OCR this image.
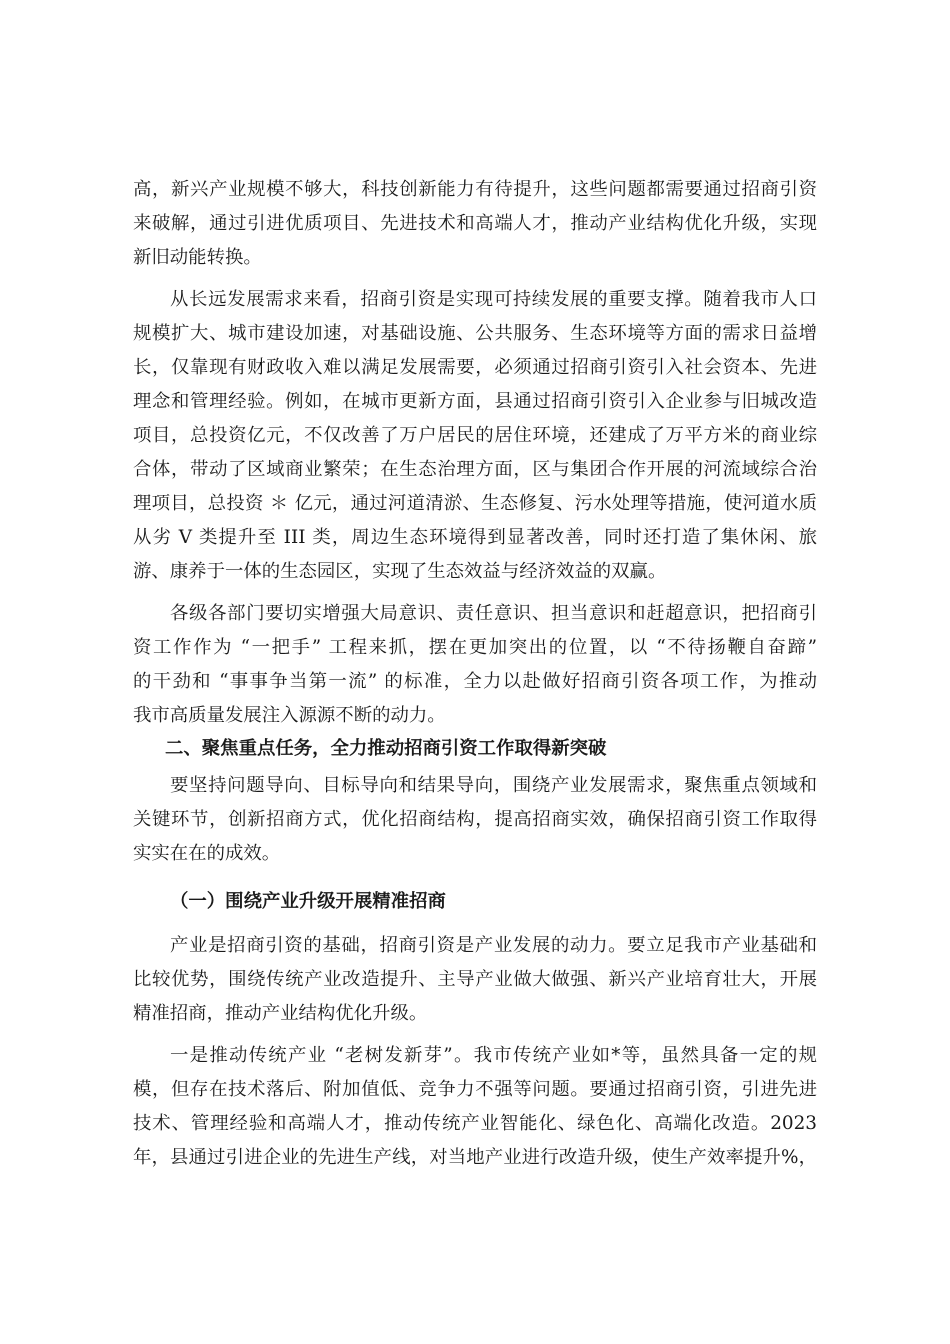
高，新兴产业规模不够大，科技创新能力有待提升，这些问题都需要通过招商引资
来破解，通过引进优质项目、先进技术和高端人才，推动产业结构优化升级，实现
新旧动能转换。
从长远发展需求来看，招商引资是实现可持续发展的重要支撑。随着我市人口
规模扩大、城市建设加速，对基础设施、公共服务、生态环境等方面的需求日益增
长，仅靠现有财政收入难以满足发展需要，必须通过招商引资引入社会资本、先进
理念和管理经验。例如，在城市更新方面，县通过招商引资引入企业参与旧城改造
项目，总投资亿元，不仅改善了万户居民的居住环境，还建成了万平方米的商业综
合体，带动了区域商业繁荣；在生态治理方面，区与集团合作开展的河流域综合治
理项目，总投资 ＊ 亿元，通过河道清淤、生态修复、污水处理等措施，使河道水质
从劣 V 类提升至 III 类，周边生态环境得到显著改善，同时还打造了集休闲、旅
游、康养于一体的生态园区，实现了生态效益与经济效益的双赢。
各级各部门要切实增强大局意识、责任意识、担当意识和赶超意识，把招商引
资工作作为 “一把手” 工程来抓，摆在更加突出的位置，以 “不待扬鞭自奋蹄”
的干劲和 “事事争当第一流” 的标准，全力以赴做好招商引资各项工作，为推动
我市高质量发展注入源源不断的动力。
二、聚焦重点任务，全力推动招商引资工作取得新突破
要坚持问题导向、目标导向和结果导向，围绕产业发展需求，聚焦重点领域和
关键环节，创新招商方式，优化招商结构，提高招商实效，确保招商引资工作取得
实实在在的成效。
（一）围绕产业升级开展精准招商
产业是招商引资的基础，招商引资是产业发展的动力。要立足我市产业基础和
比较优势，围绕传统产业改造提升、主导产业做大做强、新兴产业培育壮大，开展
精准招商，推动产业结构优化升级。
一是推动传统产业 “老树发新芽”。我市传统产业如*等，虽然具备一定的规
模，但存在技术落后、附加值低、竞争力不强等问题。要通过招商引资，引进先进
技术、管理经验和高端人才，推动传统产业智能化、绿色化、高端化改造。2023
年，县通过引进企业的先进生产线，对当地产业进行改造升级，使生产效率提升%，
